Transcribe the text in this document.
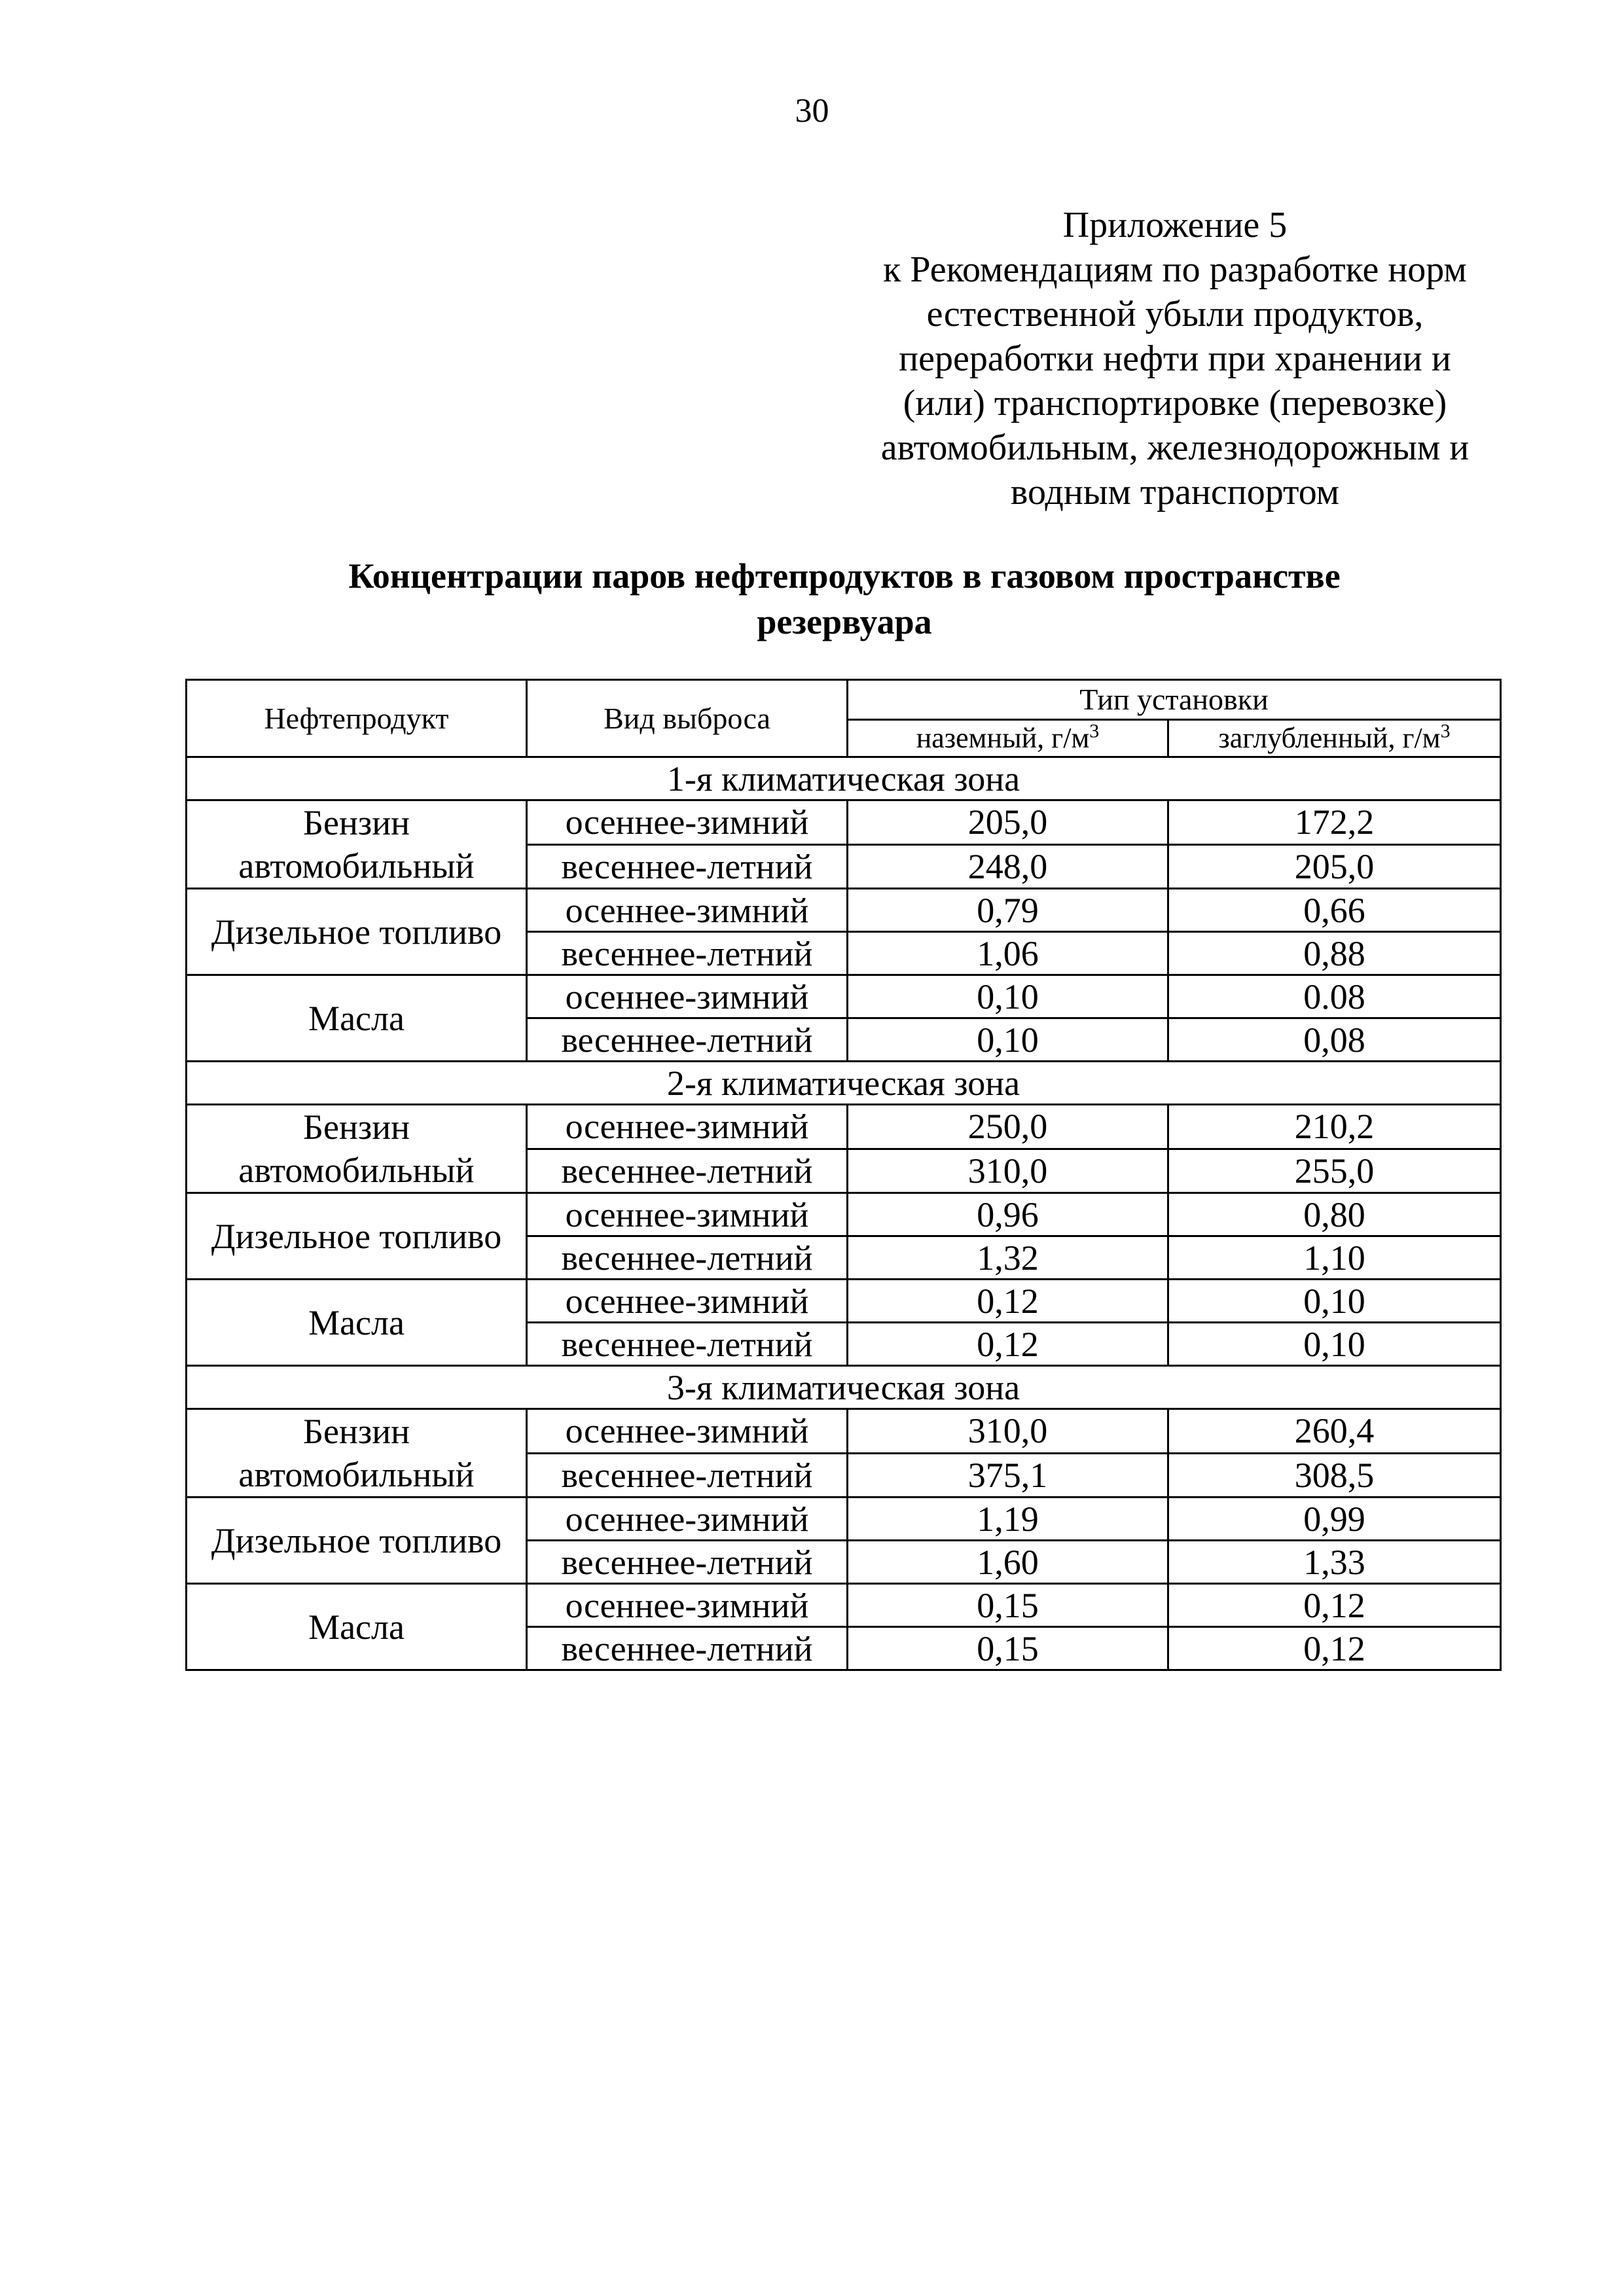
30
Приложение 5
к Рекомендациям по разработке норм
естественной убыли продуктов,
переработки нефти при хранении и
(или) транспортировке (перевозке)
автомобильным, железнодорожным и
водным транспортом
Концентрации паров нефтепродуктов в газовом пространстве
резервуара
Нефтепродукт	Вид выброса	Тип установки	
		наземный, $г/м^3$	заглубленный, $г/м^3$
1-я климатическая зона			
Бензин автомобильный	осеннее-зимний	205,0	172,2
	весеннее-летний	248,0	205,0
Дизельное топливо	осеннее-зимний	0,79	0,66
	весеннее-летний	1,06	0,88
Масла	осеннее-зимний	0,10	0.08
	весеннее-летний	0,10	0,08
2-я климатическая зона			
Бензин автомобильный	осеннее-зимний	250,0	210,2
	весеннее-летний	310,0	255,0
Дизельное топливо	осеннее-зимний	0,96	0,80
	весеннее-летний	1,32	1,10
Масла	осеннее-зимний	0,12	0,10
	весеннее-летний	0,12	0,10
3-я климатическая зона			
Бензин автомобильный	осеннее-зимний	310,0	260,4
	весеннее-летний	375,1	308,5
Дизельное топливо	осеннее-зимний	1,19	0,99
	весеннее-летний	1,60	1,33
Масла	осеннее-зимний	0,15	0,12
	весеннее-летний	0,15	0,12
